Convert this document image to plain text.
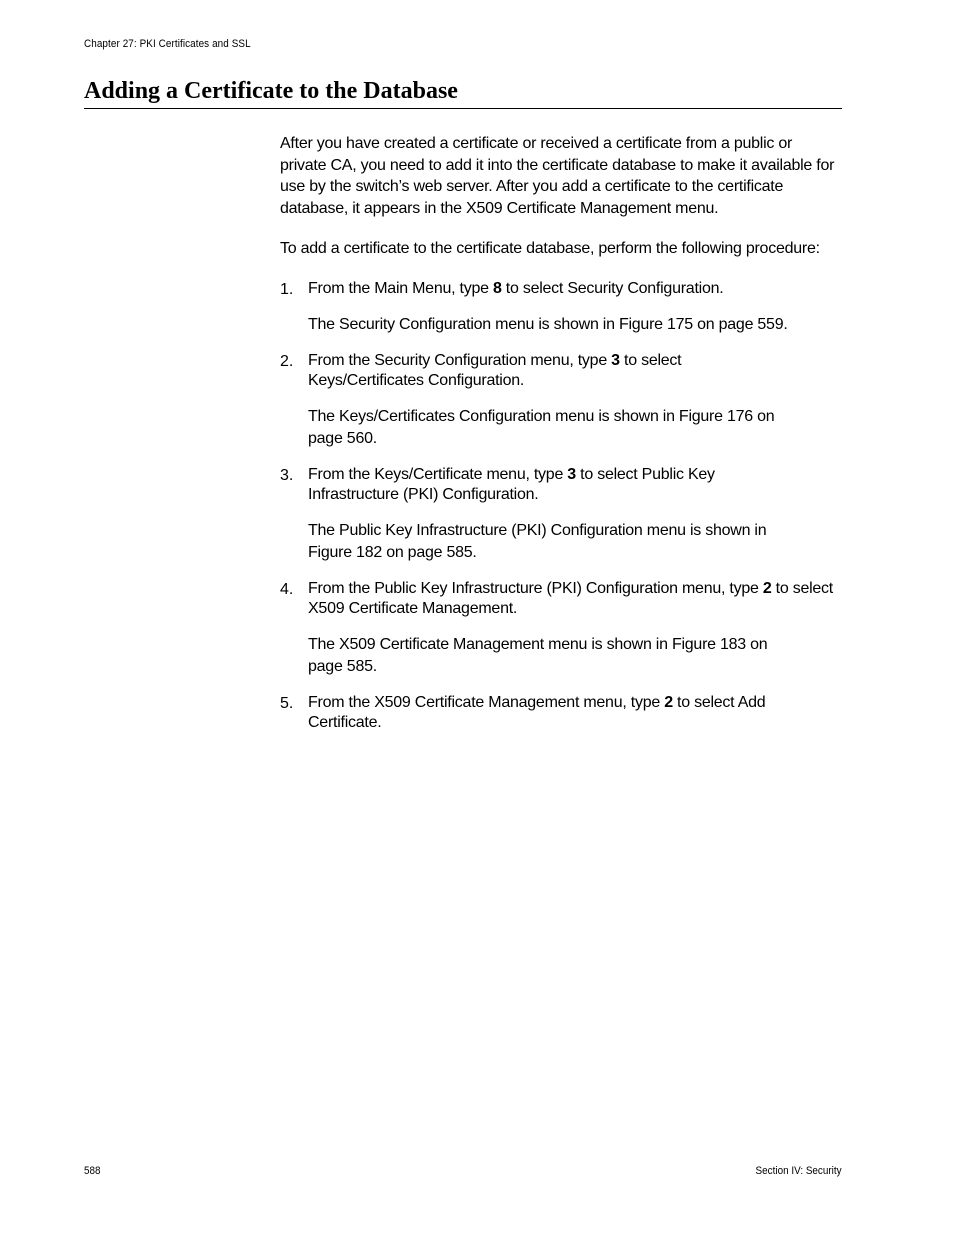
Chapter 27: PKI Certificates and SSL
Adding a Certificate to the Database

After you have created a certificate or received a certificate from a public or private CA, you need to add it into the certificate database to make it available for use by the switch’s web server. After you add a certificate to the certificate database, it appears in the X509 Certificate Management menu.

To add a certificate to the certificate database, perform the following procedure:

1. From the Main Menu, type 8 to select Security Configuration.

The Security Configuration menu is shown in Figure 175 on page 559.

2. From the Security Configuration menu, type 3 to select Keys/Certificates Configuration.

The Keys/Certificates Configuration menu is shown in Figure 176 on page 560.

3. From the Keys/Certificate menu, type 3 to select Public Key Infrastructure (PKI) Configuration.

The Public Key Infrastructure (PKI) Configuration menu is shown in Figure 182 on page 585.

4. From the Public Key Infrastructure (PKI) Configuration menu, type 2 to select X509 Certificate Management.

The X509 Certificate Management menu is shown in Figure 183 on page 585.

5. From the X509 Certificate Management menu, type 2 to select Add Certificate.

588	Section IV: Security
